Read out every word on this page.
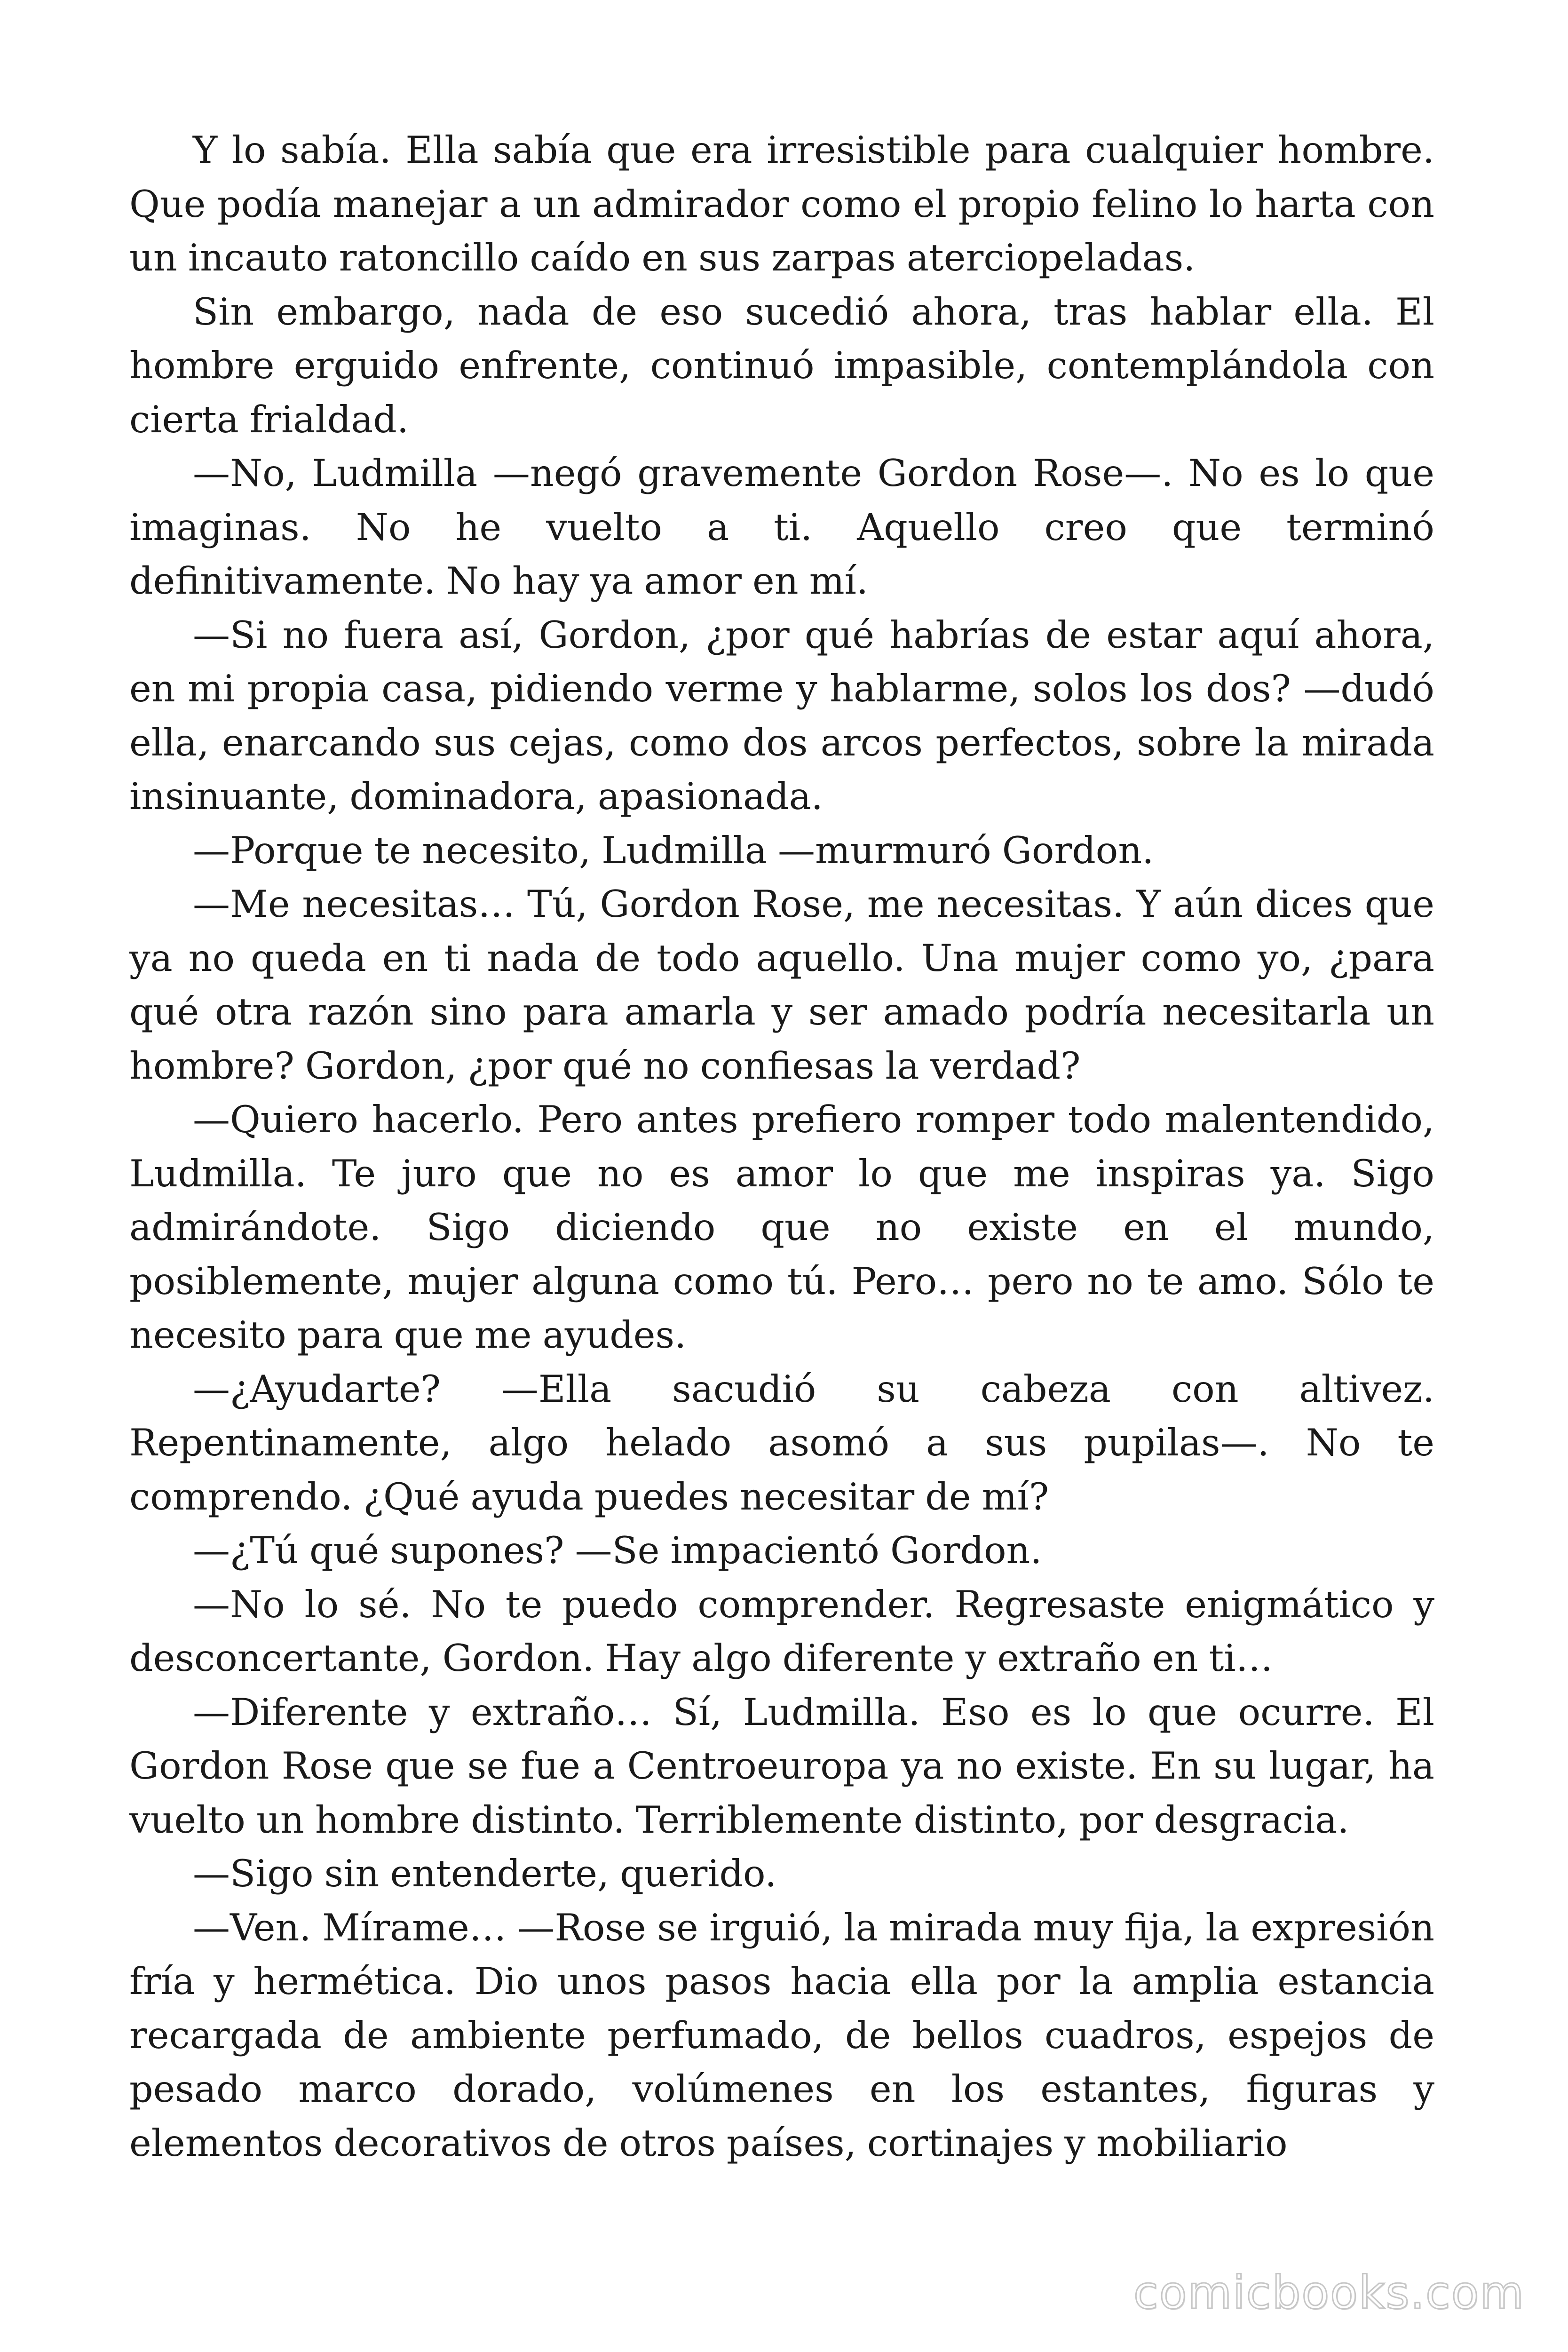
Y lo sabía. Ella sabía que era irresistible para cualquier hombre. Que podía manejar a un admirador como el propio felino lo harta con un incauto ratoncillo caído en sus zarpas aterciopeladas.

Sin embargo, nada de eso sucedió ahora, tras hablar ella. El hombre erguido enfrente, continuó impasible, contemplándola con cierta frialdad.

—No, Ludmilla —negó gravemente Gordon Rose—. No es lo que imaginas. No he vuelto a ti. Aquello creo que terminó definitivamente. No hay ya amor en mí.

—Si no fuera así, Gordon, ¿por qué habrías de estar aquí ahora, en mi propia casa, pidiendo verme y hablarme, solos los dos? —dudó ella, enarcando sus cejas, como dos arcos perfectos, sobre la mirada insinuante, dominadora, apasionada.

—Porque te necesito, Ludmilla —murmuró Gordon.

—Me necesitas… Tú, Gordon Rose, me necesitas. Y aún dices que ya no queda en ti nada de todo aquello. Una mujer como yo, ¿para qué otra razón sino para amarla y ser amado podría necesitarla un hombre? Gordon, ¿por qué no confiesas la verdad?

—Quiero hacerlo. Pero antes prefiero romper todo malentendido, Ludmilla. Te juro que no es amor lo que me inspiras ya. Sigo admirándote. Sigo diciendo que no existe en el mundo, posiblemente, mujer alguna como tú. Pero… pero no te amo. Sólo te necesito para que me ayudes.

—¿Ayudarte? —Ella sacudió su cabeza con altivez. Repentinamente, algo helado asomó a sus pupilas—. No te comprendo. ¿Qué ayuda puedes necesitar de mí?

—¿Tú qué supones? —Se impacientó Gordon.

—No lo sé. No te puedo comprender. Regresaste enigmático y desconcertante, Gordon. Hay algo diferente y extraño en ti…

—Diferente y extraño… Sí, Ludmilla. Eso es lo que ocurre. El Gordon Rose que se fue a Centroeuropa ya no existe. En su lugar, ha vuelto un hombre distinto. Terriblemente distinto, por desgracia.

—Sigo sin entenderte, querido.

—Ven. Mírame… —Rose se irguió, la mirada muy fija, la expresión fría y hermética. Dio unos pasos hacia ella por la amplia estancia recargada de ambiente perfumado, de bellos cuadros, espejos de pesado marco dorado, volúmenes en los estantes, figuras y elementos decorativos de otros países, cortinajes y mobiliario

comicbooks.com
